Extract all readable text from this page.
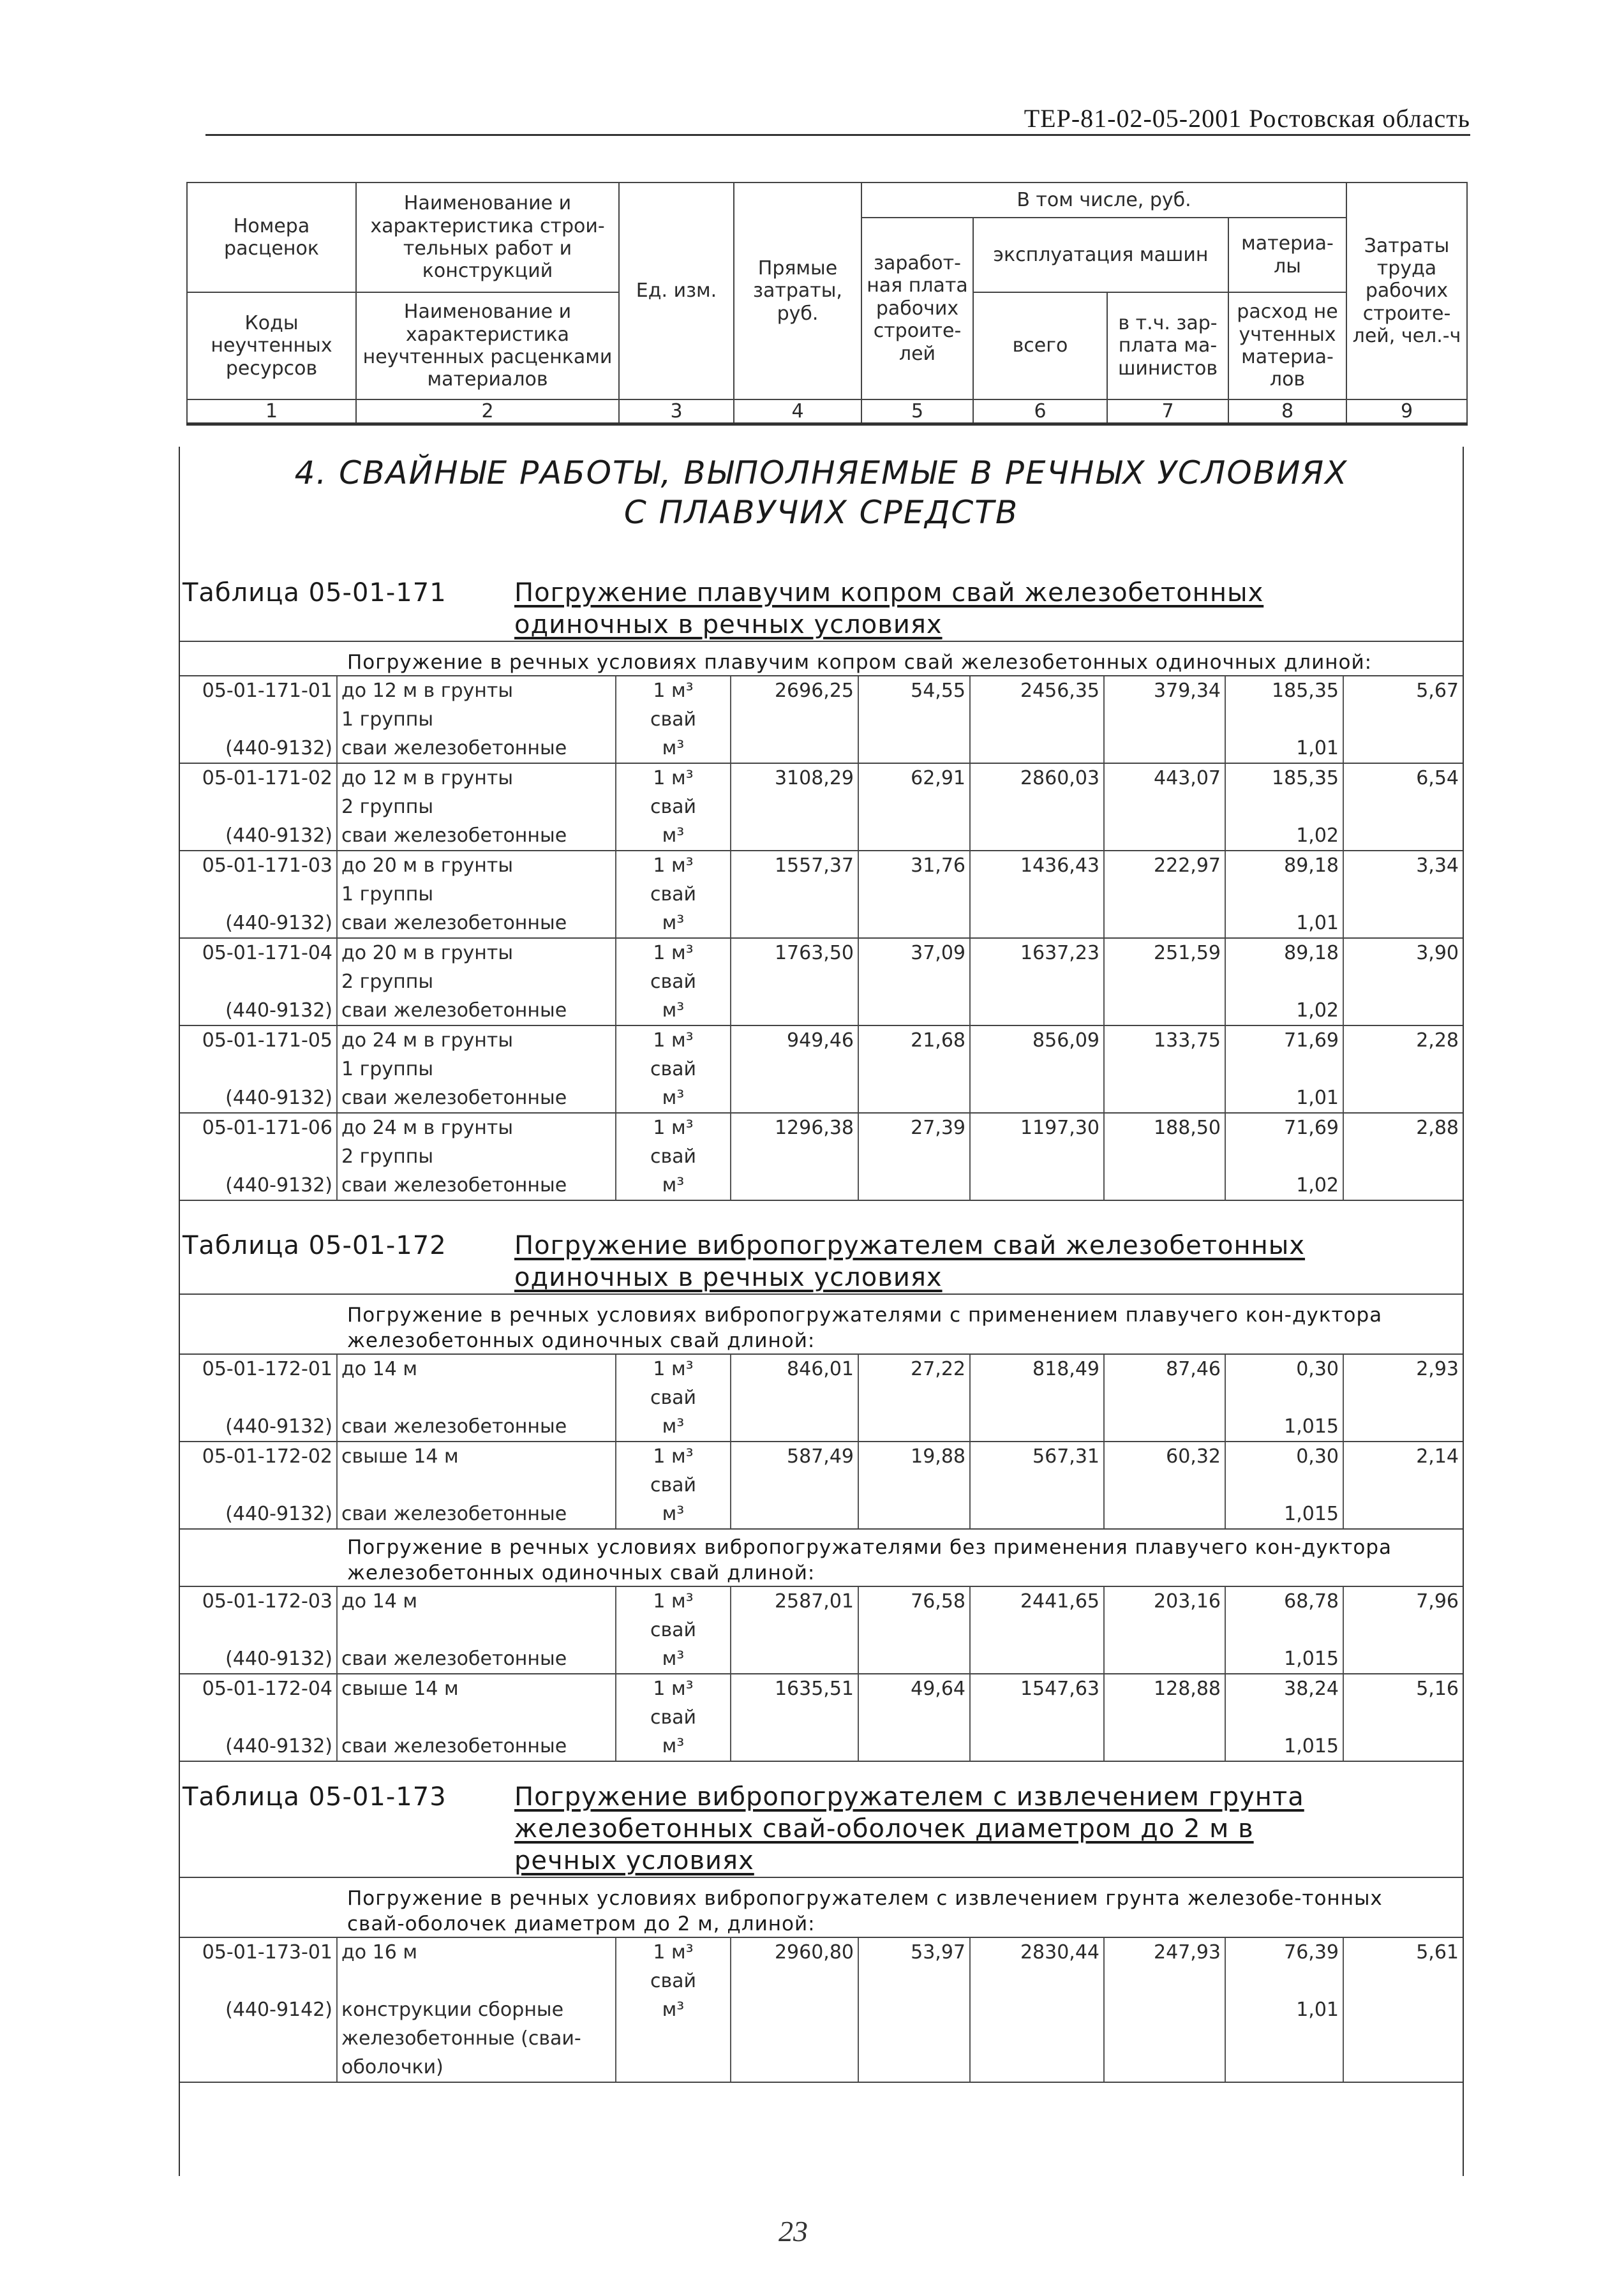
ТЕР-81-02-05-2001 Ростовская область
Номера расценок	Наименование и характеристика строи-тельных работ и конструкций	Ед. изм.	Прямые затраты, руб.	В том числе, руб.				Затраты труда рабочих строите-лей, чел.-ч
				заработ-ная плата рабочих строите-лей	эксплуатация машин		материа-лы	
Коды неучтенных ресурсов	Наименование и характеристика неучтенных расценками материалов				всего	в т.ч. зар-плата ма-шинистов	расход не учтенных материа-лов	

1	2	3	4	5	6	7	8	9
4. СВАЙНЫЕ РАБОТЫ, ВЫПОЛНЯЕМЫЕ В РЕЧНЫХ УСЛОВИЯХ
С ПЛАВУЧИХ СРЕДСТВ
Таблица 05-01-171	Погружение плавучим копром свай железобетонных
одиночных в речных условиях
Погружение в речных условиях плавучим копром свай железобетонных одиночных длиной:
05-01-171-01	до 12 м в грунты	1 м³	2696,25	54,55	2456,35	379,34	185,35	5,67
	1 группы	свай						
(440-9132)	сваи железобетонные	м³					1,01	
05-01-171-02	до 12 м в грунты	1 м³	3108,29	62,91	2860,03	443,07	185,35	6,54
	2 группы	свай						
(440-9132)	сваи железобетонные	м³					1,02	
05-01-171-03	до 20 м в грунты	1 м³	1557,37	31,76	1436,43	222,97	89,18	3,34
	1 группы	свай						
(440-9132)	сваи железобетонные	м³					1,01	
05-01-171-04	до 20 м в грунты	1 м³	1763,50	37,09	1637,23	251,59	89,18	3,90
	2 группы	свай						
(440-9132)	сваи железобетонные	м³					1,02	
05-01-171-05	до 24 м в грунты	1 м³	949,46	21,68	856,09	133,75	71,69	2,28
	1 группы	свай						
(440-9132)	сваи железобетонные	м³					1,01	
05-01-171-06	до 24 м в грунты	1 м³	1296,38	27,39	1197,30	188,50	71,69	2,88
	2 группы	свай						
(440-9132)	сваи железобетонные	м³					1,02	
Таблица 05-01-172	Погружение вибропогружателем свай железобетонных
одиночных в речных условиях
Погружение в речных условиях вибропогружателями с применением плавучего кон-дуктора железобетонных одиночных свай длиной:
05-01-172-01	до 14 м	1 м³	846,01	27,22	818,49	87,46	0,30	2,93
		свай						
(440-9132)	сваи железобетонные	м³					1,015	
05-01-172-02	свыше 14 м	1 м³	587,49	19,88	567,31	60,32	0,30	2,14
		свай						
(440-9132)	сваи железобетонные	м³					1,015	
Погружение в речных условиях вибропогружателями без применения плавучего кон-дуктора железобетонных одиночных свай длиной:
05-01-172-03	до 14 м	1 м³	2587,01	76,58	2441,65	203,16	68,78	7,96
		свай						
(440-9132)	сваи железобетонные	м³					1,015	
05-01-172-04	свыше 14 м	1 м³	1635,51	49,64	1547,63	128,88	38,24	5,16
		свай						
(440-9132)	сваи железобетонные	м³					1,015	
Таблица 05-01-173	Погружение вибропогружателем с извлечением грунта
железобетонных свай-оболочек диаметром до 2 м в
речных условиях
Погружение в речных условиях вибропогружателем с извлечением грунта железобе-тонных свай-оболочек диаметром до 2 м, длиной:
05-01-173-01	до 16 м	1 м³	2960,80	53,97	2830,44	247,93	76,39	5,61
		свай						
(440-9142)	конструкции сборные железобетонные (сваи-оболочки)	м³					1,01	
23
